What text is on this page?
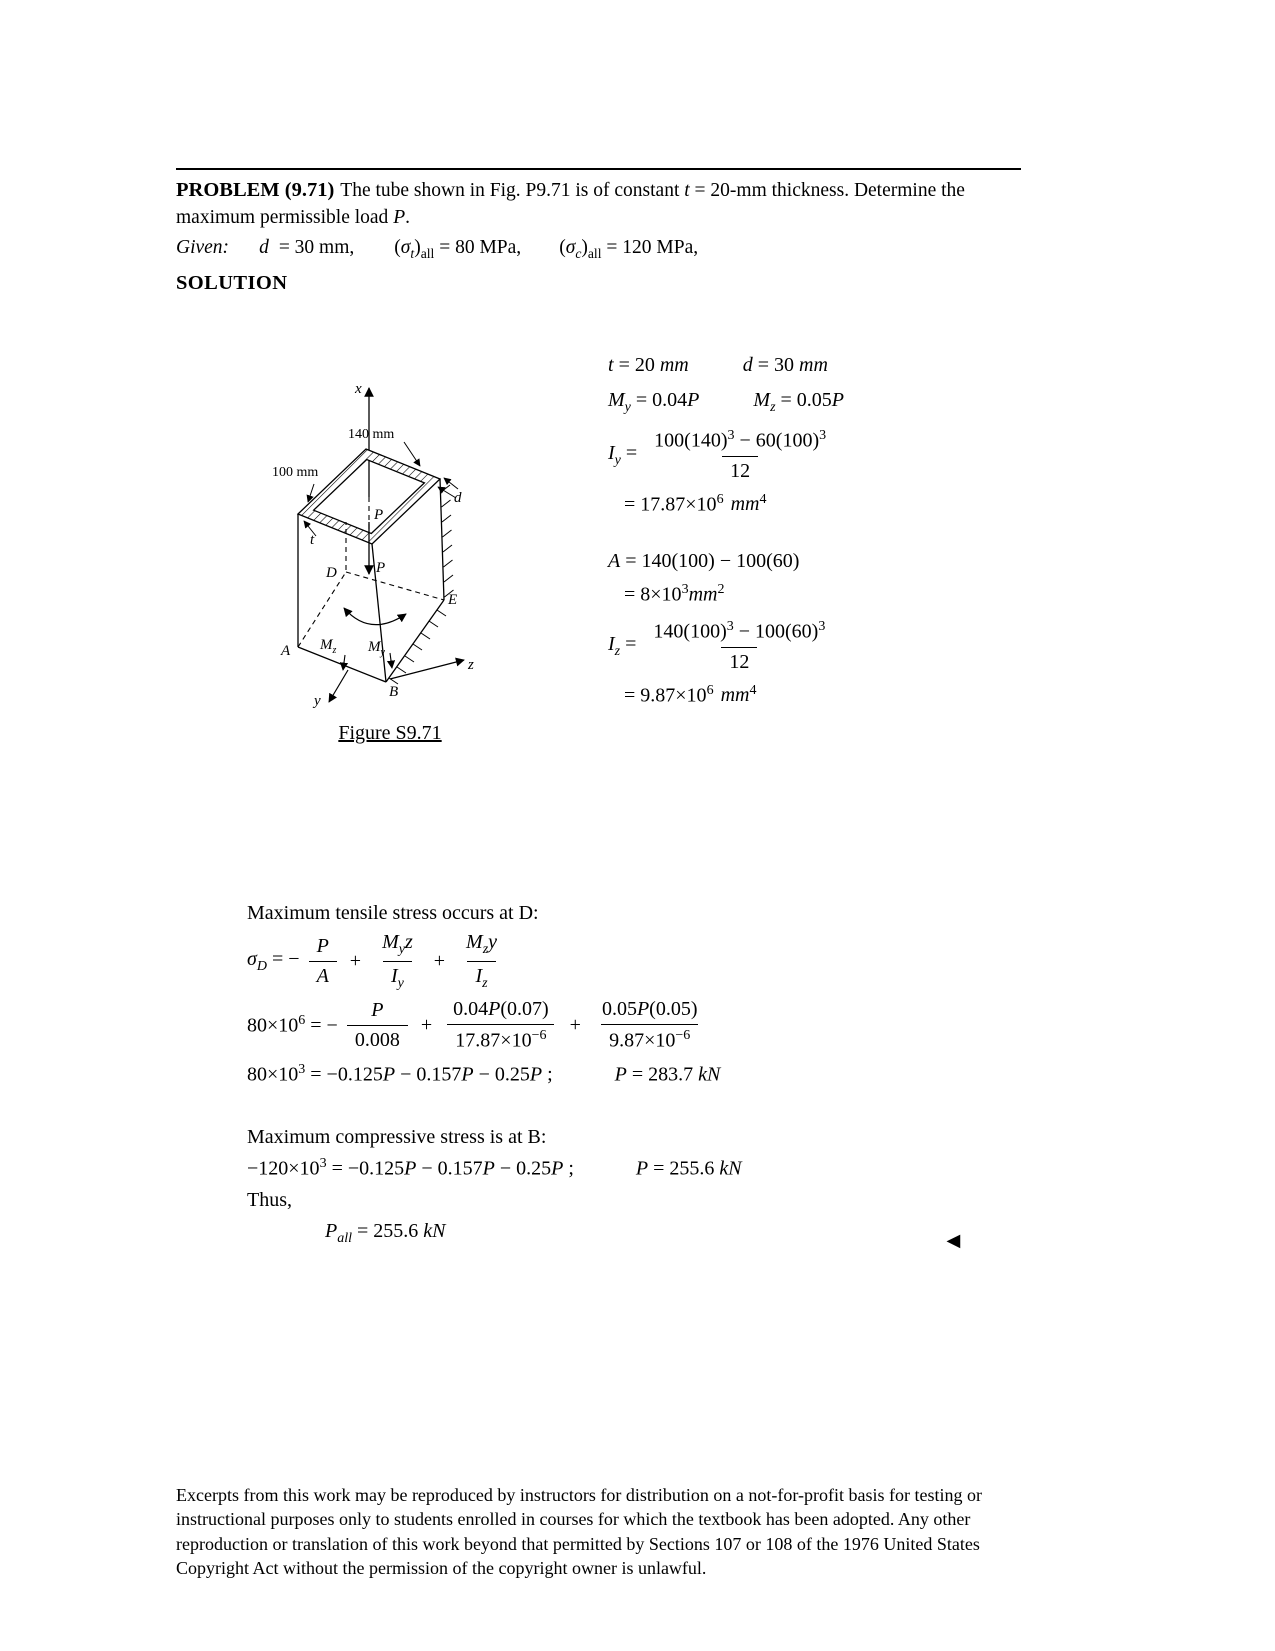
PROBLEM (9.71) The tube shown in Fig. P9.71 is of constant t = 20-mm thickness. Determine the
maximum permissible load P.
Given: d = 30 mm, $(\sigma_t)_{all} = 80$ MPa, $(\sigma_c)_{all} = 120$ MPa,
SOLUTION
x
P
P
140 mm
100 mm
d
t
$M_z$ $M_y$
z
y
D
E
A
B
Figure S9.71
t = 20 mm	d = 30 mm
$M_y = 0.04P$	$M_z = 0.05P$
$I_y = \frac{100(140)^3 - 60(100)^3}{12}$
= $17.87\times 10^6$ $mm^4$
A = 140(100) − 100(60)
= $8\times 10^3mm^2$
$I_z = \frac{140(100)^3 - 100(60)^3}{12}$
= $9.87\times 10^6$ $mm^4$
Maximum tensile stress occurs at D:
$\sigma_D$ = − $\frac{P}{A} + \frac{M_yz}{I_y} + \frac{M_zy}{I_z}$
$80\times 10^6$ = − $\frac{P}{0.008} + \frac{0.04P(0.07)}{17.87\times 10^{-6}} + \frac{0.05P(0.05)}{9.87\times 10^{-6}}$
$80\times 10^3 = -0.125P - 0.157P - 0.25P$ ;	P = 283.7 kN
Maximum compressive stress is at B:
$-120\times 10^3 = -0.125P - 0.157P - 0.25P$ ;	P = 255.6 kN
Thus,
$P_{all} = 255.6$ kN	◄
Excerpts from this work may be reproduced by instructors for distribution on a not-for-profit basis for testing or
instructional purposes only to students enrolled in courses for which the textbook has been adopted. Any other
reproduction or translation of this work beyond that permitted by Sections 107 or 108 of the 1976 United States
Copyright Act without the permission of the copyright owner is unlawful.
